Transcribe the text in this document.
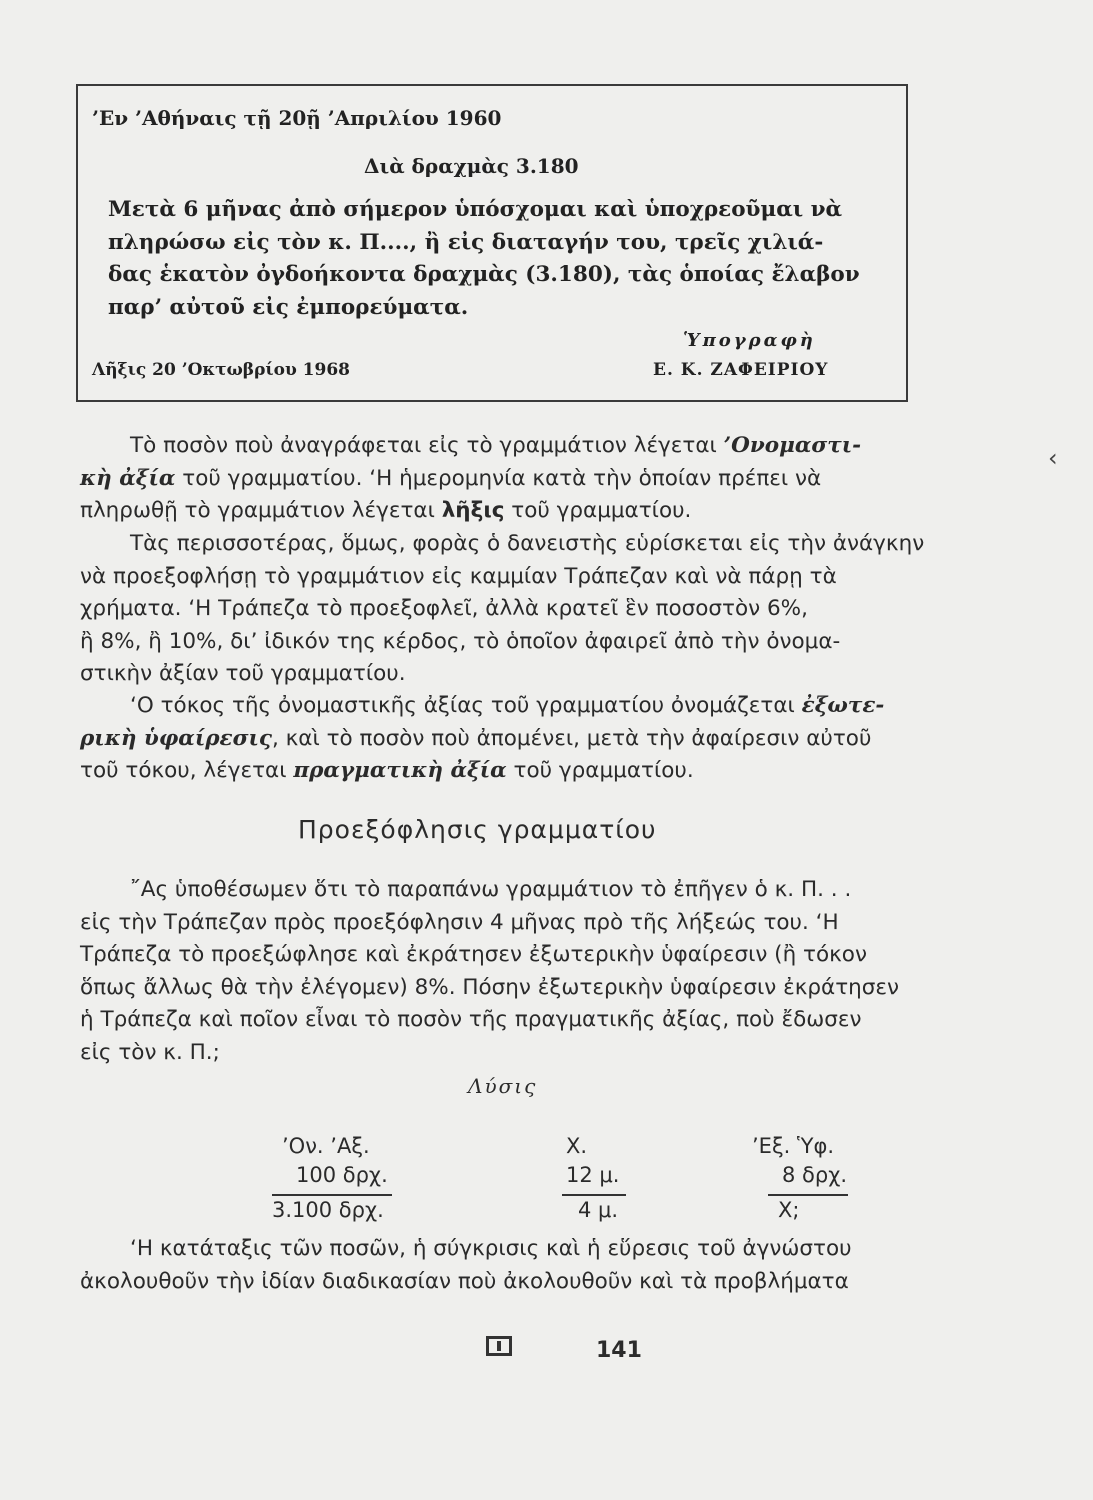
’Εν ’Αθήναις τῇ 20ῇ ’Απριλίου 1960
Διὰ δραχμὰς 3.180
Μετὰ 6 μῆνας ἀπὸ σήμερον ὑπόσχομαι καὶ ὑποχρεοῦμαι νὰ
πληρώσω εἰς τὸν κ. Π...., ἢ εἰς διαταγήν του, τρεῖς χιλιά-
δας ἑκατὸν ὀγδοήκοντα δραχμὰς (3.180), τὰς ὁποίας ἔλαβον
παρ’ αὐτοῦ εἰς ἐμπορεύματα.
Ὑπογραφὴ
Λῆξις 20 ’Οκτωβρίου 1968	Ε. Κ. ΖΑΦΕΙΡΙΟΥ
Τὸ ποσὸν ποὺ ἀναγράφεται εἰς τὸ γραμμάτιον λέγεται ’Ονομαστι-
κὴ ἀξία τοῦ γραμματίου. ‘Η ἡμερομηνία κατὰ τὴν ὁποίαν πρέπει νὰ
πληρωθῇ τὸ γραμμάτιον λέγεται λῆξις τοῦ γραμματίου.
Τὰς περισσοτέρας, ὅμως, φορὰς ὁ δανειστὴς εὑρίσκεται εἰς τὴν ἀνάγκην
νὰ προεξοφλήσῃ τὸ γραμμάτιον εἰς καμμίαν Τράπεζαν καὶ νὰ πάρῃ τὰ
χρήματα. ‘Η Τράπεζα τὸ προεξοφλεῖ, ἀλλὰ κρατεῖ ἓν ποσοστὸν 6%,
ἢ 8%, ἢ 10%, δι’ ἰδικόν της κέρδος, τὸ ὁποῖον ἀφαιρεῖ ἀπὸ τὴν ὀνομα-
στικὴν ἀξίαν τοῦ γραμματίου.
‘Ο τόκος τῆς ὀνομαστικῆς ἀξίας τοῦ γραμματίου ὀνομάζεται ἐξωτε-
ρικὴ ὑφαίρεσις, καὶ τὸ ποσὸν ποὺ ἀπομένει, μετὰ τὴν ἀφαίρεσιν αὐτοῦ
τοῦ τόκου, λέγεται πραγματικὴ ἀξία τοῦ γραμματίου.
Προεξόφλησις γραμματίου
῎Ας ὑποθέσωμεν ὅτι τὸ παραπάνω γραμμάτιον τὸ ἐπῆγεν ὁ κ. Π. . .
εἰς τὴν Τράπεζαν πρὸς προεξόφλησιν 4 μῆνας πρὸ τῆς λήξεώς του. ‘Η
Τράπεζα τὸ προεξώφλησε καὶ ἐκράτησεν ἐξωτερικὴν ὑφαίρεσιν (ἢ τόκον
ὅπως ἄλλως θὰ τὴν ἐλέγομεν) 8%. Πόσην ἐξωτερικὴν ὑφαίρεσιν ἐκράτησεν
ἡ Τράπεζα καὶ ποῖον εἶναι τὸ ποσὸν τῆς πραγματικῆς ἀξίας, ποὺ ἔδωσεν
εἰς τὸν κ. Π.;
Λύσις
’Ον. ’Αξ.
100 δρχ.
3.100 δρχ.
Χ.
12 μ.
4 μ.
’Εξ. Ὑφ.
8 δρχ.
Χ;
‘Η κατάταξις τῶν ποσῶν, ἡ σύγκρισις καὶ ἡ εὕρεσις τοῦ ἀγνώστου
ἀκολουθοῦν τὴν ἰδίαν διαδικασίαν ποὺ ἀκολουθοῦν καὶ τὰ προβλήματα
141
‹
